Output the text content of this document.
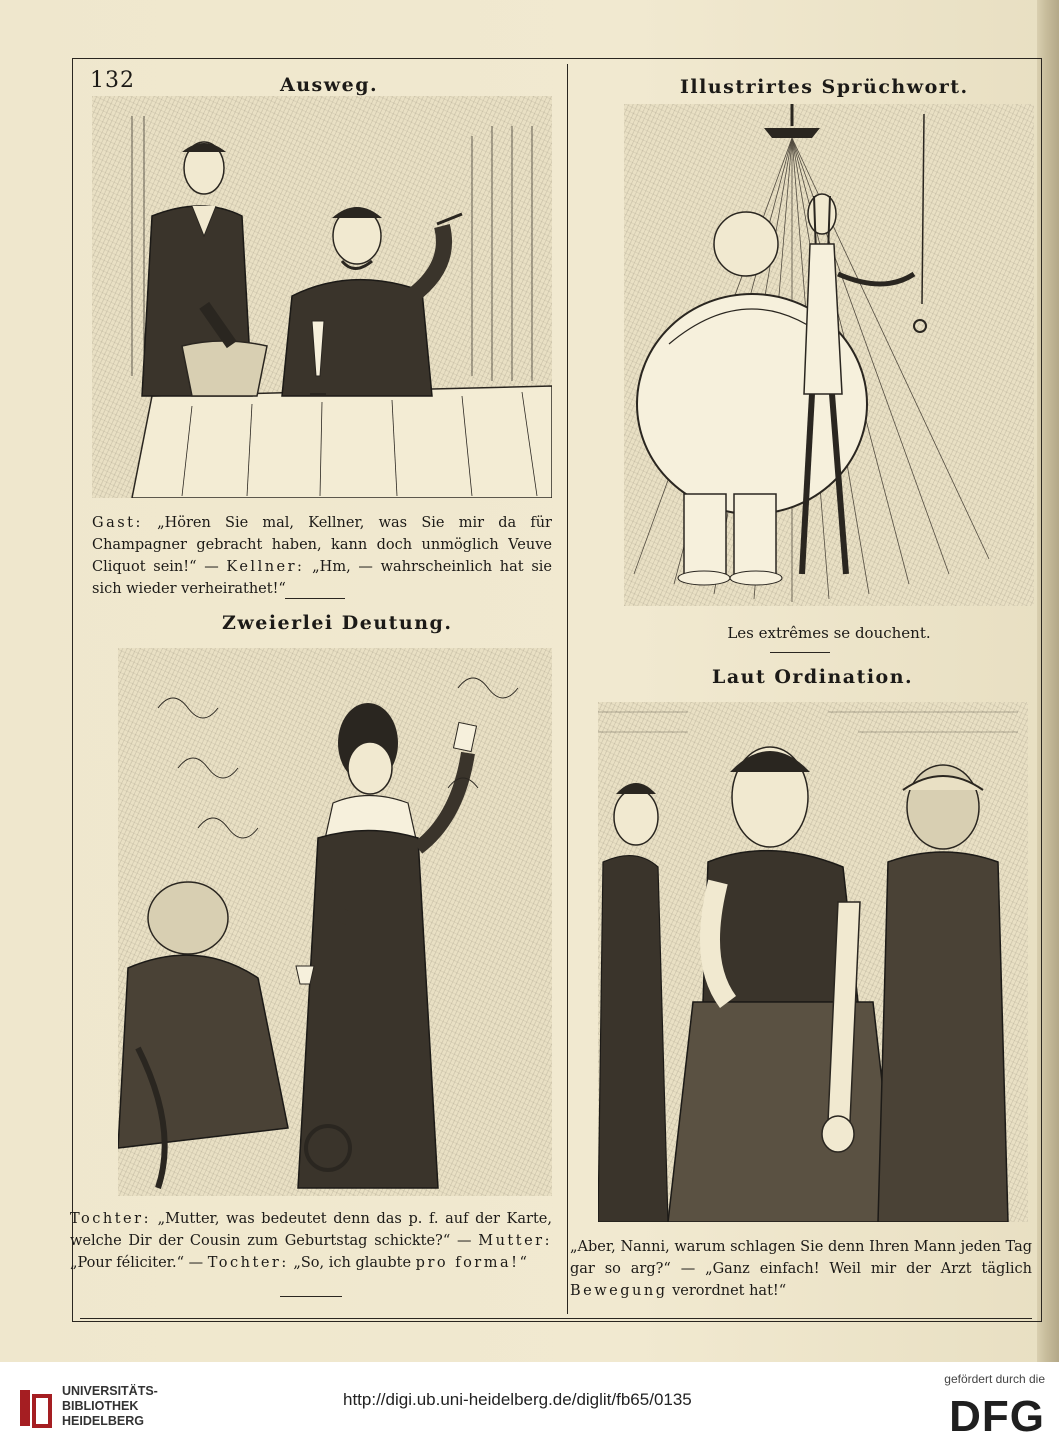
132	Ausweg.
Gast: „Hören Sie mal, Kellner, was Sie mir da für Champagner gebracht haben, kann doch unmöglich Veuve Cliquot sein!“ — Kellner: „Hm, — wahrscheinlich hat sie sich wieder verheirathet!“
Zweierlei Deutung.
Tochter: „Mutter, was bedeutet denn das p. f. auf der Karte, welche Dir der Cousin zum Geburtstag schickte?“ — Mutter: „Pour féliciter.“ — Tochter: „So, ich glaubte pro forma!“
Illustrirtes Sprüchwort.
Les extrêmes se douchent.
Laut Ordination.
„Aber, Nanni, warum schlagen Sie denn Ihren Mann jeden Tag gar so arg?“ — „Ganz einfach! Weil mir der Arzt täglich Bewegung verordnet hat!“
UNIVERSITÄTS-
BIBLIOTHEK
HEIDELBERG
http://digi.ub.uni-heidelberg.de/diglit/fb65/0135
gefördert durch die
DFG
